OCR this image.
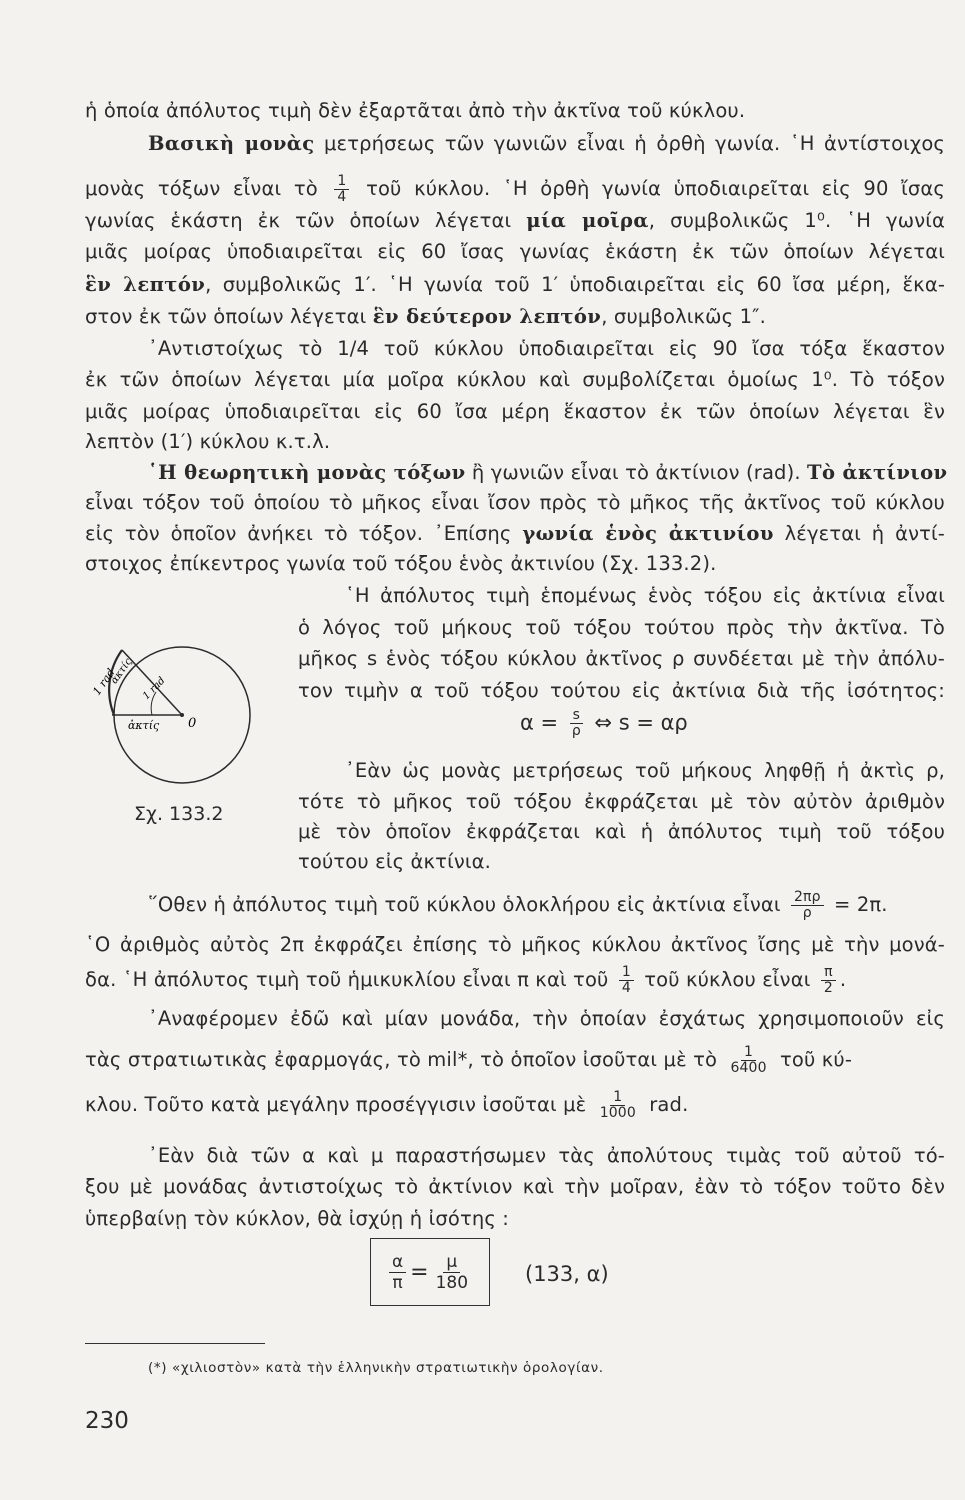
ἡ ὁποία ἀπόλυτος τιμὴ δὲν ἐξαρτᾶται ἀπὸ τὴν ἀκτῖνα τοῦ κύκλου.
Βασικὴ μονὰς μετρήσεως τῶν γωνιῶν εἶναι ἡ ὀρθὴ γωνία. ῾Η ἀντίστοιχος
μονὰς τόξων εἶναι τὸ $\frac{1}{4}$ τοῦ κύκλου. ῾Η ὀρθὴ γωνία ὑποδιαιρεῖται εἰς 90 ἴσας
γωνίας ἑκάστη ἐκ τῶν ὁποίων λέγεται μία μοῖρα, συμβολικῶς 1⁰. ῾Η γωνία
μιᾶς μοίρας ὑποδιαιρεῖται εἰς 60 ἴσας γωνίας ἑκάστη ἐκ τῶν ὁποίων λέγεται
ἓν λεπτόν, συμβολικῶς 1′. ῾Η γωνία τοῦ 1′ ὑποδιαιρεῖται εἰς 60 ἴσα μέρη, ἕκα-
στον ἐκ τῶν ὁποίων λέγεται ἓν δεύτερον λεπτόν, συμβολικῶς 1″.
᾿Αντιστοίχως τὸ 1/4 τοῦ κύκλου ὑποδιαιρεῖται εἰς 90 ἴσα τόξα ἕκαστον
ἐκ τῶν ὁποίων λέγεται μία μοῖρα κύκλου καὶ συμβολίζεται ὁμοίως 1⁰. Τὸ τόξον
μιᾶς μοίρας ὑποδιαιρεῖται εἰς 60 ἴσα μέρη ἕκαστον ἐκ τῶν ὁποίων λέγεται ἓν
λεπτὸν (1′) κύκλου κ.τ.λ.
῾Η θεωρητικὴ μονὰς τόξων ἢ γωνιῶν εἶναι τὸ ἀκτίνιον (rad). Τὸ ἀκτίνιον
εἶναι τόξον τοῦ ὁποίου τὸ μῆκος εἶναι ἴσον πρὸς τὸ μῆκος τῆς ἀκτῖνος τοῦ κύκλου
εἰς τὸν ὁποῖον ἀνήκει τὸ τόξον. ᾿Επίσης γωνία ἑνὸς ἀκτινίου λέγεται ἡ ἀντί-
στοιχος ἐπίκεντρος γωνία τοῦ τόξου ἑνὸς ἀκτινίου (Σχ. 133.2).
῾Η ἀπόλυτος τιμὴ ἑπομένως ἑνὸς τόξου εἰς ἀκτίνια εἶναι
ὁ λόγος τοῦ μήκους τοῦ τόξου τούτου πρὸς τὴν ἀκτῖνα. Τὸ
μῆκος s ἑνὸς τόξου κύκλου ἀκτῖνος ρ συνδέεται μὲ τὴν ἀπόλυ-
τον τιμὴν α τοῦ τόξου τούτου εἰς ἀκτίνια διὰ τῆς ἰσότητος:
᾿Εὰν ὡς μονὰς μετρήσεως τοῦ μήκους ληφθῇ ἡ ἀκτὶς ρ,
τότε τὸ μῆκος τοῦ τόξου ἐκφράζεται μὲ τὸν αὐτὸν ἀριθμὸν
μὲ τὸν ὁποῖον ἐκφράζεται καὶ ἡ ἀπόλυτος τιμὴ τοῦ τόξου
τούτου εἰς ἀκτίνια.
῞Οθεν ἡ ἀπόλυτος τιμὴ τοῦ κύκλου ὁλοκλήρου εἰς ἀκτίνια εἶναι $\frac{2\pi\rho}{\rho} = 2\pi$.
῾Ο ἀριθμὸς αὐτὸς 2π ἐκφράζει ἐπίσης τὸ μῆκος κύκλου ἀκτῖνος ἴσης μὲ τὴν μονά-
δα. ῾Η ἀπόλυτος τιμὴ τοῦ ἡμικυκλίου εἶναι π καὶ τοῦ $\frac{1}{4}$ τοῦ κύκλου εἶναι $\frac{\pi}{2}$ .
᾿Αναφέρομεν ἐδῶ καὶ μίαν μονάδα, τὴν ὁποίαν ἐσχάτως χρησιμοποιοῦν εἰς
τὰς στρατιωτικὰς ἐφαρμογάς, τὸ mil*, τὸ ὁποῖον ἰσοῦται μὲ τὸ $\frac{1}{6400}$ τοῦ κύ-
κλου. Τοῦτο κατὰ μεγάλην προσέγγισιν ἰσοῦται μὲ $\frac{1}{1000}$ rad.
᾿Εὰν διὰ τῶν α καὶ μ παραστήσωμεν τὰς ἀπολύτους τιμὰς τοῦ αὐτοῦ τό-
ξου μὲ μονάδας ἀντιστοίχως τὸ ἀκτίνιον καὶ τὴν μοῖραν, ἐὰν τὸ τόξον τοῦτο δὲν
ὑπερβαίνῃ τὸν κύκλον, θὰ ἰσχύῃ ἡ ἰσότης :
1 rad
ἀκτίς
1 rad
ἀκτίς 0
Σχ. 133.2
$\alpha = \frac{s}{\rho}$ ⇔ s = αρ
$\frac{\alpha}{\pi} = \frac{\mu}{180}$	(133, α)
(*) «χιλιοστὸν» κατὰ τὴν ἑλληνικὴν στρατιωτικὴν ὁρολογίαν.
230
